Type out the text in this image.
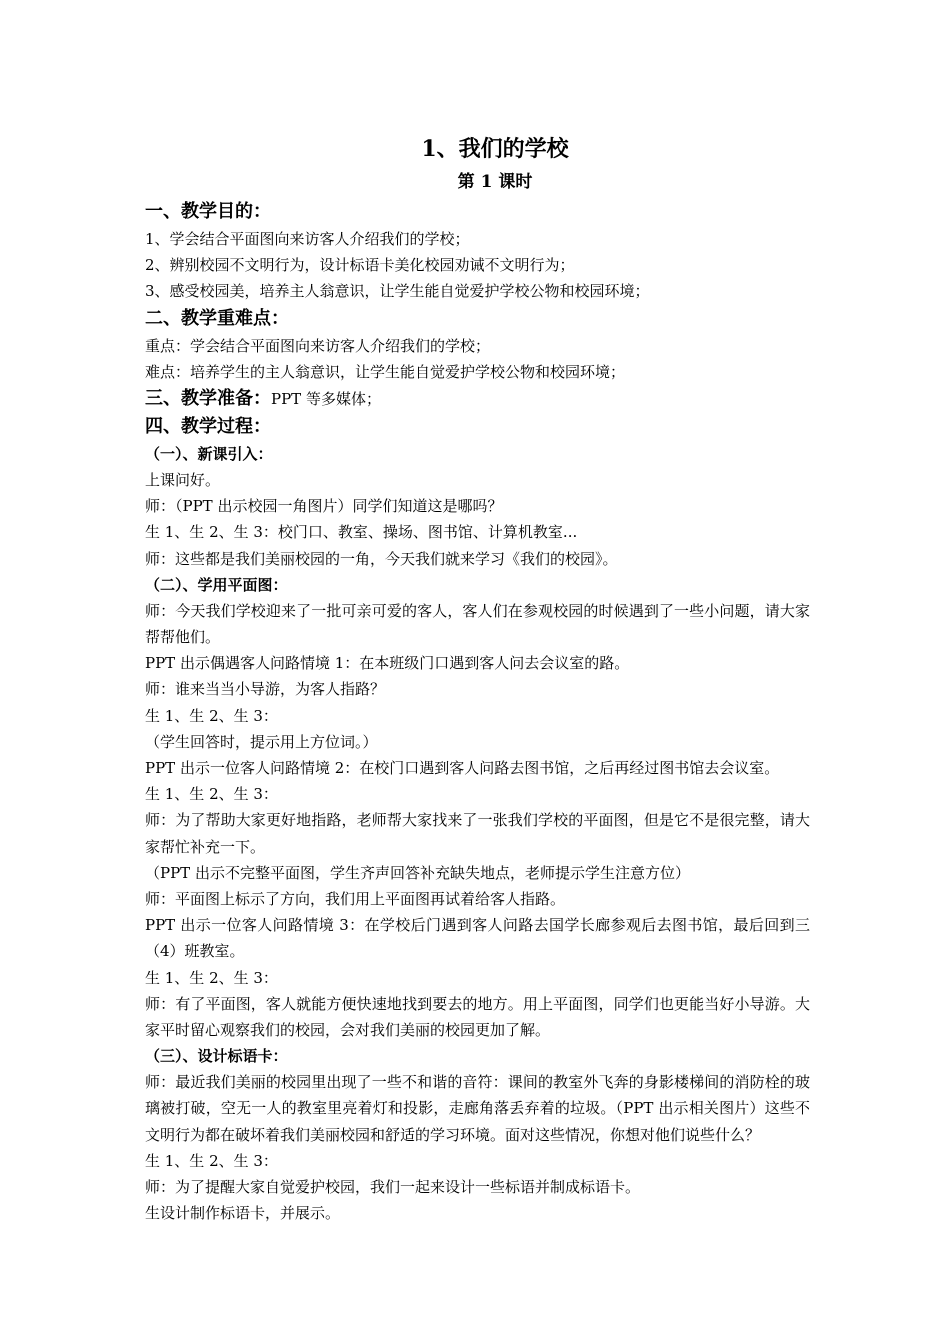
1、我们的学校
第 1 课时
一、教学目的：
1、学会结合平面图向来访客人介绍我们的学校；
2、辨别校园不文明行为，设计标语卡美化校园劝诫不文明行为；
3、感受校园美，培养主人翁意识，让学生能自觉爱护学校公物和校园环境；
二、教学重难点：
重点：学会结合平面图向来访客人介绍我们的学校；
难点：培养学生的主人翁意识，让学生能自觉爱护学校公物和校园环境；
三、教学准备：PPT 等多媒体；
四、教学过程：
（一）、新课引入：
上课问好。
师：（PPT 出示校园一角图片）同学们知道这是哪吗？
生 1、生 2、生 3：校门口、教室、操场、图书馆、计算机教室...
师：这些都是我们美丽校园的一角，今天我们就来学习《我们的校园》。
（二）、学用平面图：
师：今天我们学校迎来了一批可亲可爱的客人，客人们在参观校园的时候遇到了一些小问题，请大家帮帮他们。
PPT 出示偶遇客人问路情境 1：在本班级门口遇到客人问去会议室的路。
师：谁来当当小导游，为客人指路？
生 1、生 2、生 3：
（学生回答时，提示用上方位词。）
PPT 出示一位客人问路情境 2：在校门口遇到客人问路去图书馆，之后再经过图书馆去会议室。
生 1、生 2、生 3：
师：为了帮助大家更好地指路，老师帮大家找来了一张我们学校的平面图，但是它不是很完整，请大家帮忙补充一下。
（PPT 出示不完整平面图，学生齐声回答补充缺失地点，老师提示学生注意方位）
师：平面图上标示了方向，我们用上平面图再试着给客人指路。
PPT 出示一位客人问路情境 3：在学校后门遇到客人问路去国学长廊参观后去图书馆，最后回到三（4）班教室。
生 1、生 2、生 3：
师：有了平面图，客人就能方便快速地找到要去的地方。用上平面图，同学们也更能当好小导游。大家平时留心观察我们的校园，会对我们美丽的校园更加了解。
（三）、设计标语卡：
师：最近我们美丽的校园里出现了一些不和谐的音符：课间的教室外飞奔的身影楼梯间的消防栓的玻璃被打破，空无一人的教室里亮着灯和投影，走廊角落丢弃着的垃圾。（PPT 出示相关图片）这些不文明行为都在破坏着我们美丽校园和舒适的学习环境。面对这些情况，你想对他们说些什么？
生 1、生 2、生 3：
师：为了提醒大家自觉爱护校园，我们一起来设计一些标语并制成标语卡。
生设计制作标语卡，并展示。
